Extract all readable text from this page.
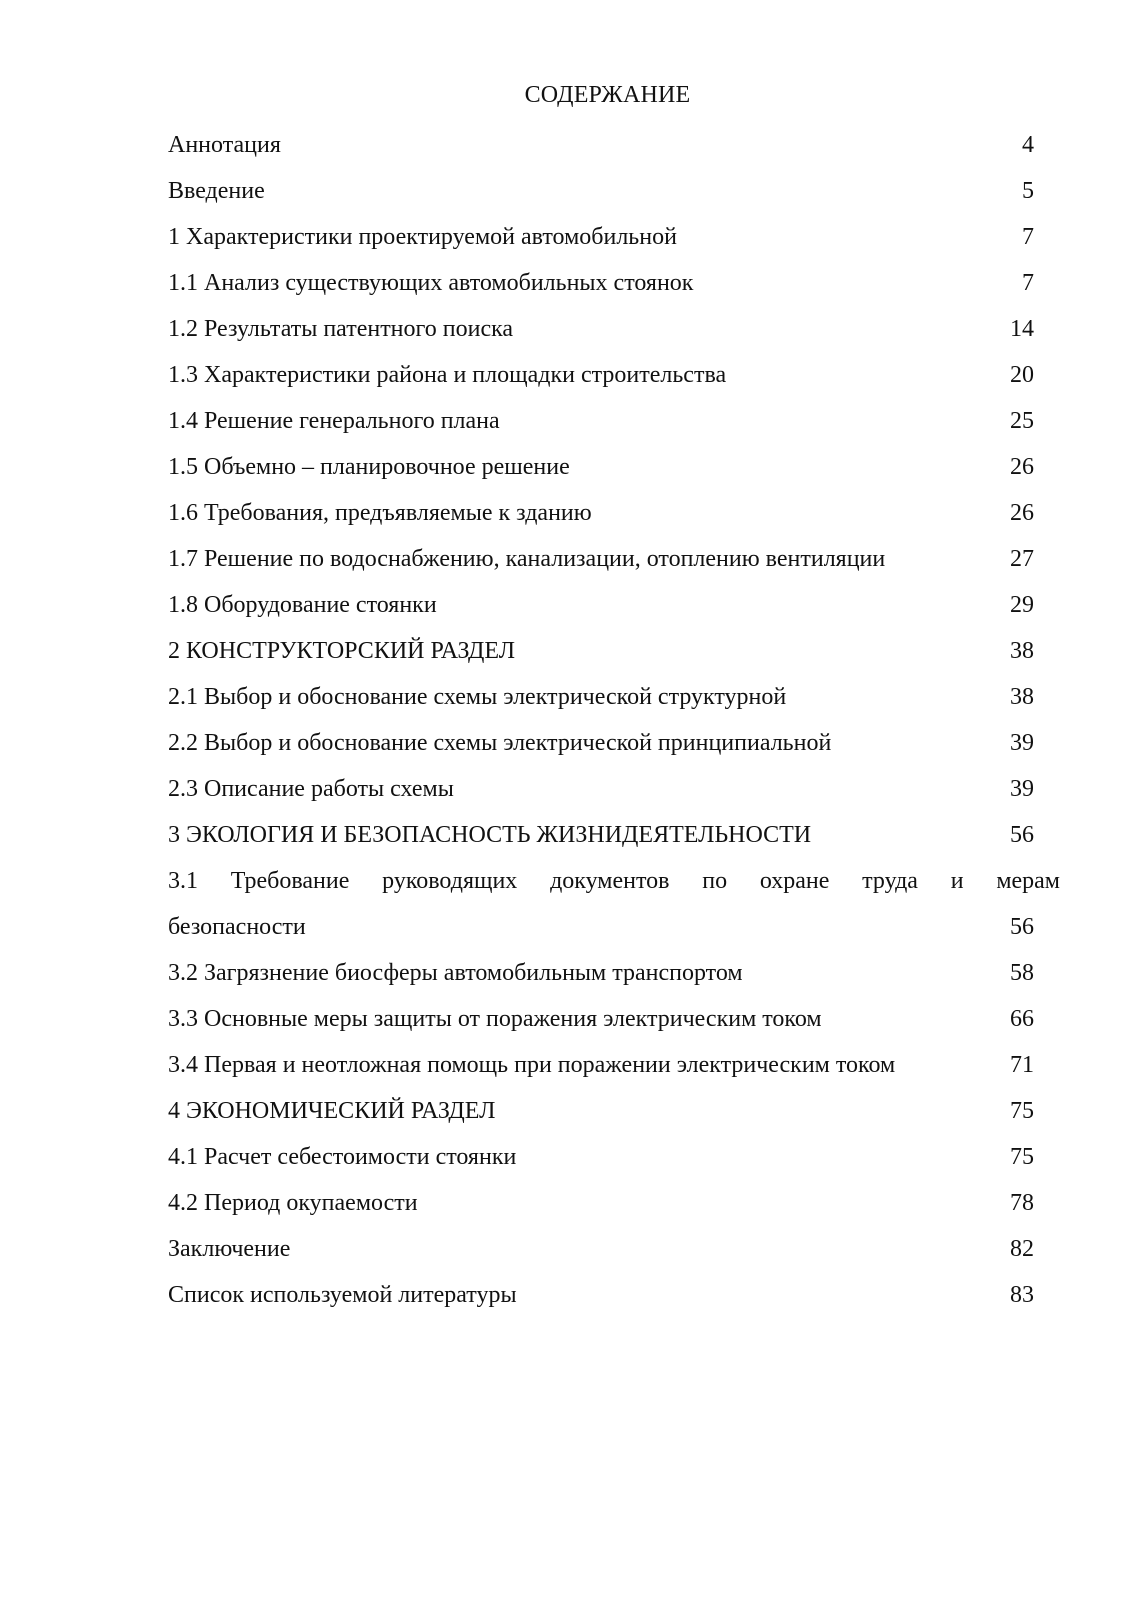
СОДЕРЖАНИЕ
Аннотация	4
Введение	5
1 Характеристики проектируемой автомобильной	7
1.1 Анализ существующих автомобильных стоянок	7
1.2 Результаты патентного поиска	14
1.3 Характеристики района и площадки строительства	20
1.4 Решение генерального плана	25
1.5 Объемно – планировочное решение	26
1.6 Требования, предъявляемые к зданию	26
1.7 Решение по водоснабжению, канализации, отоплению вентиляции	27
1.8 Оборудование стоянки	29
2 КОНСТРУКТОРСКИЙ РАЗДЕЛ	38
2.1 Выбор и обоснование схемы электрической структурной	38
2.2 Выбор и обоснование схемы электрической принципиальной	39
2.3 Описание работы схемы	39
3 ЭКОЛОГИЯ И БЕЗОПАСНОСТЬ ЖИЗНИДЕЯТЕЛЬНОСТИ	56
3.1 Требование руководящих документов по охране труда и мерам
безопасности	56
3.2 Загрязнение биосферы автомобильным транспортом	58
3.3 Основные меры защиты от поражения электрическим током	66
3.4 Первая и неотложная помощь при поражении электрическим током	71
4 ЭКОНОМИЧЕСКИЙ РАЗДЕЛ	75
4.1 Расчет себестоимости стоянки	75
4.2 Период окупаемости	78
Заключение	82
Список используемой литературы	83
